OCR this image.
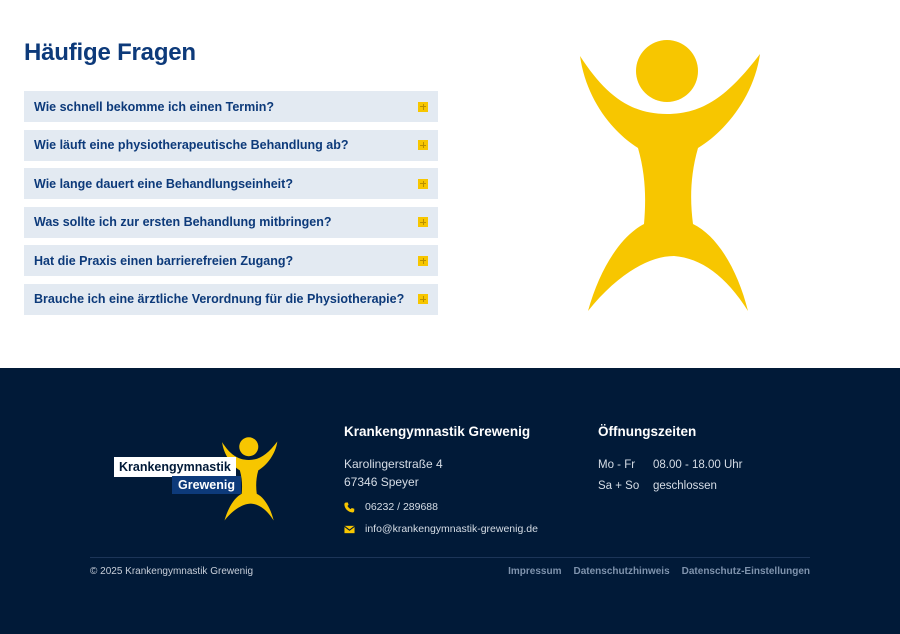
Häufige Fragen
Wie schnell bekomme ich einen Termin?
Wie läuft eine physiotherapeutische Behandlung ab?
Wie lange dauert eine Behandlungseinheit?
Was sollte ich zur ersten Behandlung mitbringen?
Hat die Praxis einen barrierefreien Zugang?
Brauche ich eine ärztliche Verordnung für die Physiotherapie?
Krankengymnastik
Grewenig
Krankengymnastik Grewenig
Karolingerstraße 4
67346 Speyer
06232 / 289688
info@krankengymnastik-grewenig.de
Öffnungszeiten
Mo - Fr	08.00 - 18.00 Uhr
Sa + So	geschlossen
© 2025 Krankengymnastik Grewenig	Impressum Datenschutzhinweis Datenschutz-Einstellungen
